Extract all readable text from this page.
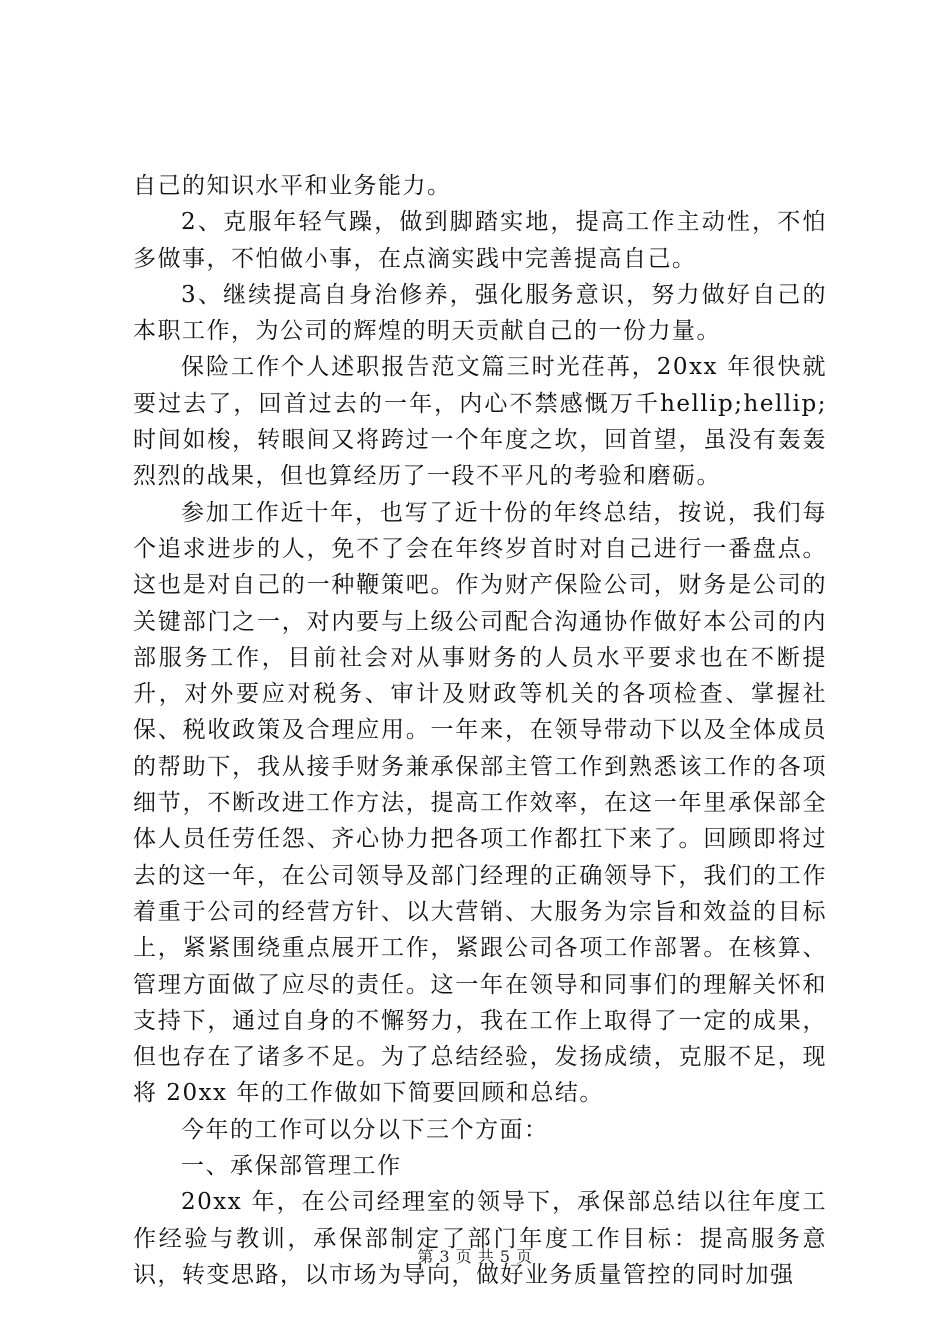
自己的知识水平和业务能力。

2、克服年轻气躁，做到脚踏实地，提高工作主动性，不怕多做事，不怕做小事，在点滴实践中完善提高自己。

3、继续提高自身治修养，强化服务意识，努力做好自己的本职工作，为公司的辉煌的明天贡献自己的一份力量。

保险工作个人述职报告范文篇三时光荏苒，20xx 年很快就要过去了，回首过去的一年，内心不禁感慨万千hellip;hellip;时间如梭，转眼间又将跨过一个年度之坎，回首望，虽没有轰轰烈烈的战果，但也算经历了一段不平凡的考验和磨砺。

参加工作近十年，也写了近十份的年终总结，按说，我们每个追求进步的人，免不了会在年终岁首时对自己进行一番盘点。这也是对自己的一种鞭策吧。作为财产保险公司，财务是公司的关键部门之一，对内要与上级公司配合沟通协作做好本公司的内部服务工作，目前社会对从事财务的人员水平要求也在不断提升，对外要应对税务、审计及财政等机关的各项检查、掌握社保、税收政策及合理应用。一年来，在领导带动下以及全体成员的帮助下，我从接手财务兼承保部主管工作到熟悉该工作的各项细节，不断改进工作方法，提高工作效率，在这一年里承保部全体人员任劳任怨、齐心协力把各项工作都扛下来了。回顾即将过去的这一年，在公司领导及部门经理的正确领导下，我们的工作着重于公司的经营方针、以大营销、大服务为宗旨和效益的目标上，紧紧围绕重点展开工作，紧跟公司各项工作部署。在核算、管理方面做了应尽的责任。这一年在领导和同事们的理解关怀和支持下，通过自身的不懈努力，我在工作上取得了一定的成果，但也存在了诸多不足。为了总结经验，发扬成绩，克服不足，现将 20xx 年的工作做如下简要回顾和总结。

今年的工作可以分以下三个方面：

一、承保部管理工作

20xx 年，在公司经理室的领导下，承保部总结以往年度工作经验与教训，承保部制定了部门年度工作目标：提高服务意识，转变思路，以市场为导向，做好业务质量管控的同时加强

第 3 页 共 5 页
